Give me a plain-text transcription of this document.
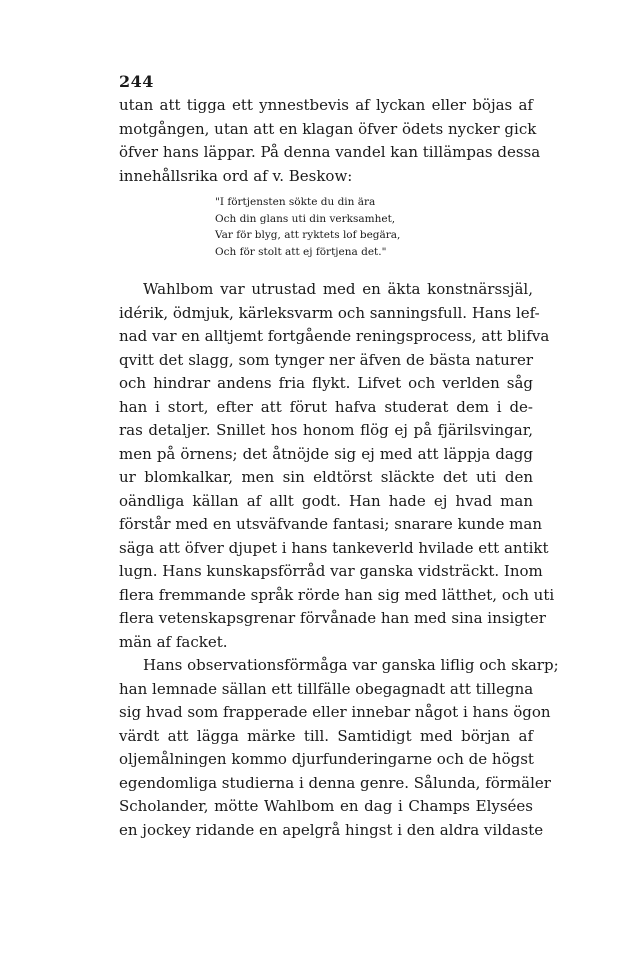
244
utan att tigga ett ynnestbevis af lyckan eller böjas af
motgången, utan att en klagan öfver ödets nycker gick
öfver hans läppar. På denna vandel kan tillämpas dessa
innehållsrika ord af v. Beskow:
"I förtjensten sökte du din ära
Och din glans uti din verksamhet,
Var för blyg, att ryktets lof begära,
Och för stolt att ej förtjena det."
Wahlbom var utrustad med en äkta konstnärssjäl,
idérik, ödmjuk, kärleksvarm och sanningsfull. Hans lef-
nad var en alltjemt fortgående reningsprocess, att blifva
qvitt det slagg, som tynger ner äfven de bästa naturer
och hindrar andens fria flykt. Lifvet och verlden såg
han i stort, efter att förut hafva studerat dem i de-
ras detaljer. Snillet hos honom flög ej på fjärilsvingar,
men på örnens; det åtnöjde sig ej med att läppja dagg
ur blomkalkar, men sin eldtörst släckte det uti den
oändliga källan af allt godt. Han hade ej hvad man
förstår med en utsväfvande fantasi; snarare kunde man
säga att öfver djupet i hans tankeverld hvilade ett antikt
lugn. Hans kunskapsförråd var ganska vidsträckt. Inom
flera fremmande språk rörde han sig med lätthet, och uti
flera vetenskapsgrenar förvånade han med sina insigter
män af facket.
Hans observationsförmåga var ganska liflig och skarp;
han lemnade sällan ett tillfälle obegagnadt att tillegna
sig hvad som frapperade eller innebar något i hans ögon
värdt att lägga märke till. Samtidigt med början af
oljemålningen kommo djurfunderingarne och de högst
egendomliga studierna i denna genre. Sålunda, förmäler
Scholander, mötte Wahlbom en dag i Champs Elysées
en jockey ridande en apelgrå hingst i den aldra vildaste
